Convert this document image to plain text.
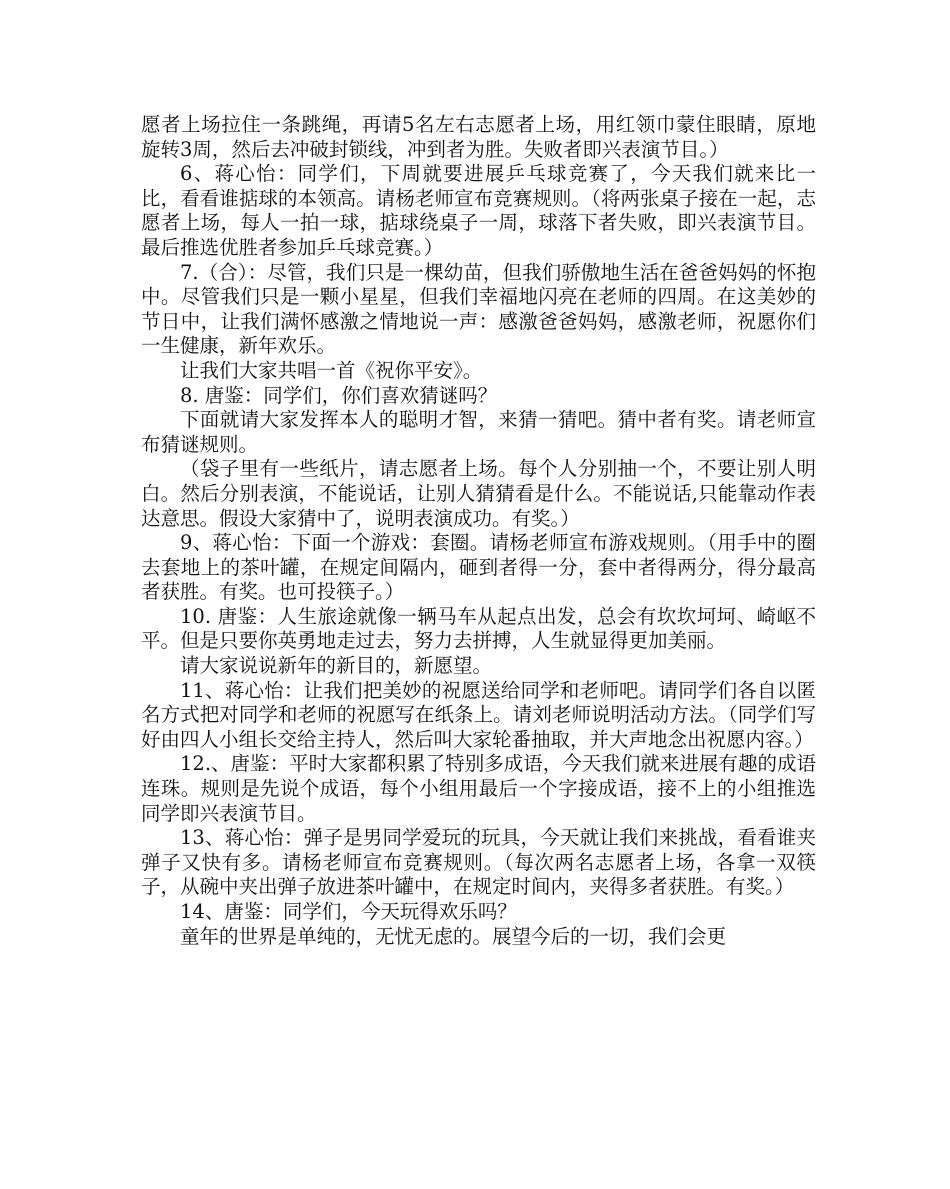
愿者上场拉住一条跳绳，再请5名左右志愿者上场，用红领巾蒙住眼睛，原地旋转3周，然后去冲破封锁线，冲到者为胜。失败者即兴表演节目。）

6、蒋心怡：同学们，下周就要进展乒乓球竞赛了，今天我们就来比一比，看看谁掂球的本领高。请杨老师宣布竞赛规则。（将两张桌子接在一起，志愿者上场，每人一拍一球，掂球绕桌子一周，球落下者失败，即兴表演节目。最后推选优胜者参加乒乓球竞赛。）

7.（合）：尽管，我们只是一棵幼苗，但我们骄傲地生活在爸爸妈妈的怀抱中。尽管我们只是一颗小星星，但我们幸福地闪亮在老师的四周。在这美妙的节日中，让我们满怀感激之情地说一声：感激爸爸妈妈，感激老师，祝愿你们一生健康，新年欢乐。

让我们大家共唱一首《祝你平安》。

8. 唐鉴：同学们，你们喜欢猜谜吗？

下面就请大家发挥本人的聪明才智，来猜一猜吧。猜中者有奖。请老师宣布猜谜规则。

（袋子里有一些纸片，请志愿者上场。每个人分别抽一个，不要让别人明白。然后分别表演，不能说话，让别人猜猜看是什么。不能说话,只能靠动作表达意思。假设大家猜中了，说明表演成功。有奖。）

9、蒋心怡：下面一个游戏：套圈。请杨老师宣布游戏规则。（用手中的圈去套地上的茶叶罐，在规定间隔内，砸到者得一分，套中者得两分，得分最高者获胜。有奖。也可投筷子。）

10. 唐鉴：人生旅途就像一辆马车从起点出发，总会有坎坎坷坷、崎岖不平。但是只要你英勇地走过去，努力去拼搏，人生就显得更加美丽。

请大家说说新年的新目的，新愿望。

11、蒋心怡：让我们把美妙的祝愿送给同学和老师吧。请同学们各自以匿名方式把对同学和老师的祝愿写在纸条上。请刘老师说明活动方法。（同学们写好由四人小组长交给主持人，然后叫大家轮番抽取，并大声地念出祝愿内容。）

12.、唐鉴：平时大家都积累了特别多成语，今天我们就来进展有趣的成语连珠。规则是先说个成语，每个小组用最后一个字接成语，接不上的小组推选同学即兴表演节目。

13、蒋心怡：弹子是男同学爱玩的玩具，今天就让我们来挑战，看看谁夹弹子又快有多。请杨老师宣布竞赛规则。（每次两名志愿者上场，各拿一双筷子，从碗中夹出弹子放进茶叶罐中，在规定时间内，夹得多者获胜。有奖。）

14、唐鉴：同学们，今天玩得欢乐吗？

童年的世界是单纯的，无忧无虑的。展望今后的一切，我们会更
